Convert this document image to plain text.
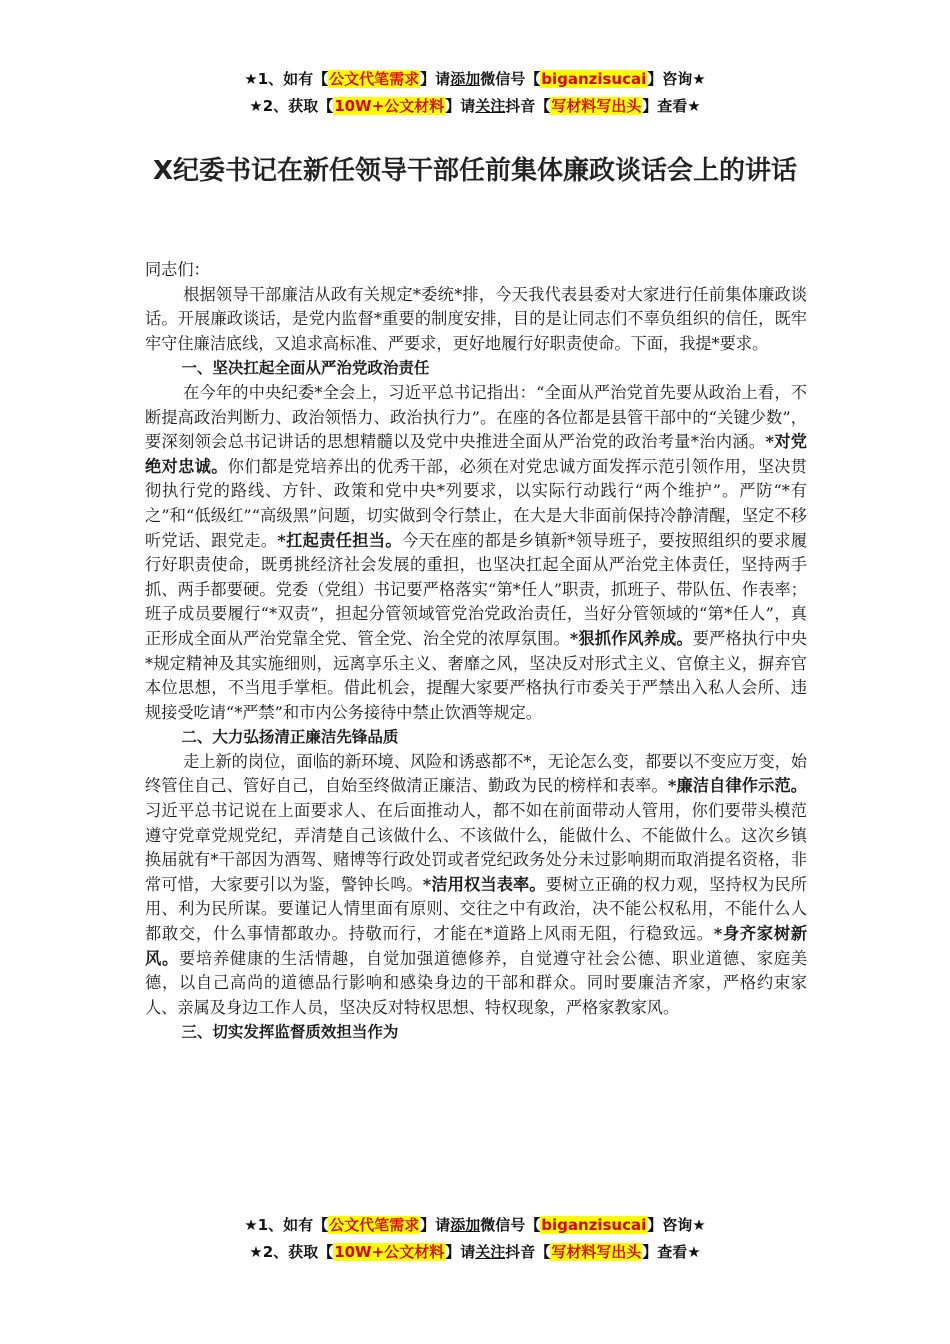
★1、如有【公文代笔需求】请添加微信号【biganzisucai】咨询★
★2、获取【10W+公文材料】请关注抖音【写材料写出头】查看★
X纪委书记在新任领导干部任前集体廉政谈话会上的讲话

同志们：

根据领导干部廉洁从政有关规定*委统*排，今天我代表县委对大家进行任前集体廉政谈话。开展廉政谈话，是党内监督*重要的制度安排，目的是让同志们不辜负组织的信任，既牢牢守住廉洁底线，又追求高标准、严要求，更好地履行好职责使命。下面，我提*要求。

一、坚决扛起全面从严治党政治责任

在今年的中央纪委*全会上，习近平总书记指出：“全面从严治党首先要从政治上看，不断提高政治判断力、政治领悟力、政治执行力”。在座的各位都是县管干部中的“关键少数”，要深刻领会总书记讲话的思想精髓以及党中央推进全面从严治党的政治考量*治内涵。*对党绝对忠诚。你们都是党培养出的优秀干部，必须在对党忠诚方面发挥示范引领作用，坚决贯彻执行党的路线、方针、政策和党中央*列要求，以实际行动践行“两个维护”。严防“*有之”和“低级红”“高级黑”问题，切实做到令行禁止，在大是大非面前保持冷静清醒，坚定不移听党话、跟党走。*扛起责任担当。今天在座的都是乡镇新*领导班子，要按照组织的要求履行好职责使命，既勇挑经济社会发展的重担，也坚决扛起全面从严治党主体责任，坚持两手抓、两手都要硬。党委（党组）书记要严格落实“第*任人”职责，抓班子、带队伍、作表率；班子成员要履行“*双责”，担起分管领域管党治党政治责任，当好分管领域的“第*任人”，真正形成全面从严治党靠全党、管全党、治全党的浓厚氛围。*狠抓作风养成。要严格执行中央*规定精神及其实施细则，远离享乐主义、奢靡之风，坚决反对形式主义、官僚主义，摒弃官本位思想，不当甩手掌柜。借此机会，提醒大家要严格执行市委关于严禁出入私人会所、违规接受吃请“*严禁”和市内公务接待中禁止饮酒等规定。

二、大力弘扬清正廉洁先锋品质

走上新的岗位，面临的新环境、风险和诱惑都不*，无论怎么变，都要以不变应万变，始终管住自己、管好自己，自始至终做清正廉洁、勤政为民的榜样和表率。*廉洁自律作示范。习近平总书记说在上面要求人、在后面推动人，都不如在前面带动人管用，你们要带头模范遵守党章党规党纪，弄清楚自己该做什么、不该做什么，能做什么、不能做什么。这次乡镇换届就有*干部因为酒驾、赌博等行政处罚或者党纪政务处分未过影响期而取消提名资格，非常可惜，大家要引以为鉴，警钟长鸣。*洁用权当表率。要树立正确的权力观，坚持权为民所用、利为民所谋。要谨记人情里面有原则、交往之中有政治，决不能公权私用，不能什么人都敢交，什么事情都敢办。持敬而行，才能在*道路上风雨无阻，行稳致远。*身齐家树新风。要培养健康的生活情趣，自觉加强道德修养，自觉遵守社会公德、职业道德、家庭美德，以自己高尚的道德品行影响和感染身边的干部和群众。同时要廉洁齐家，严格约束家人、亲属及身边工作人员，坚决反对特权思想、特权现象，严格家教家风。

三、切实发挥监督质效担当作为

★1、如有【公文代笔需求】请添加微信号【biganzisucai】咨询★
★2、获取【10W+公文材料】请关注抖音【写材料写出头】查看★
